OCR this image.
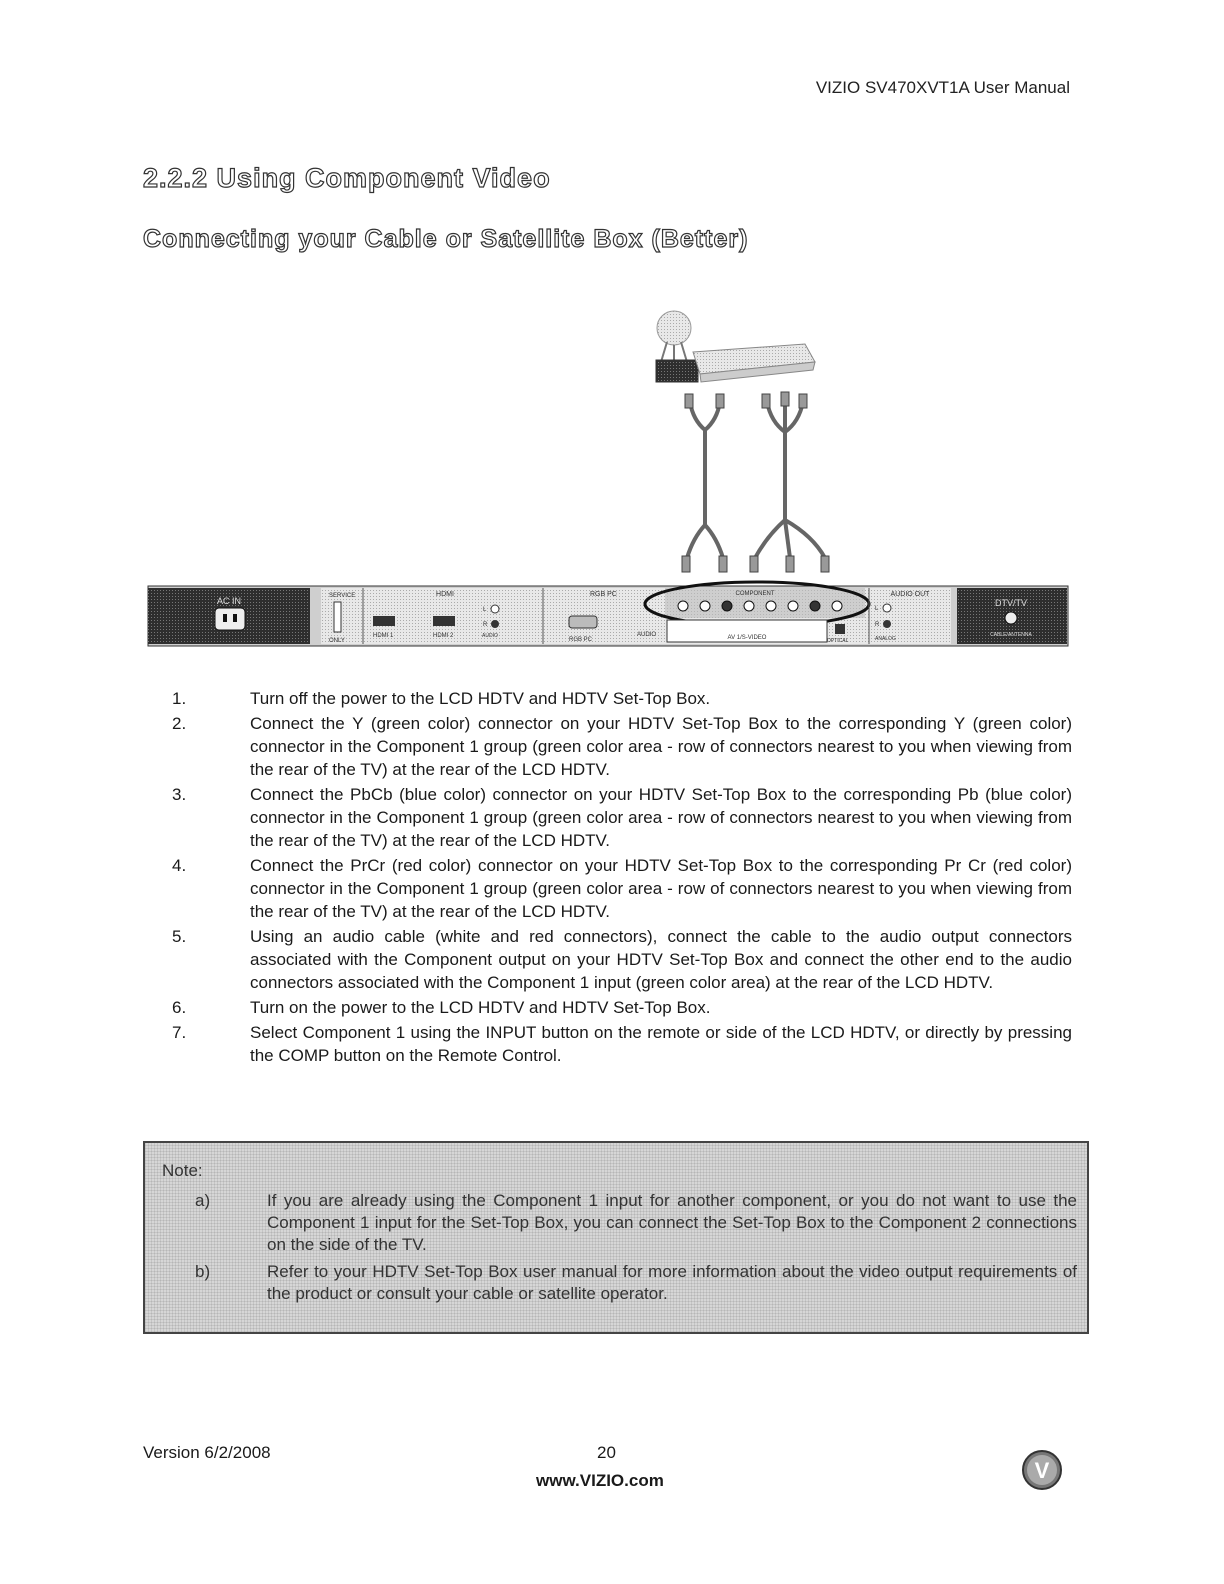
VIZIO SV470XVT1A User Manual
2.2.2 Using Component Video
Connecting your Cable or Satellite Box (Better)
AC IN	SERVICE
ONLY
HDMI
HDMI 1	HDMI 2
L
R
AUDIO
RGB PC
RGB PC
AUDIO
COMPONENT
AV 1/S-VIDEO
AUDIO OUT
OPTICAL
L
R
ANALOG
DTV/TV
CABLE/ANTENNA
1.	Turn off the power to the LCD HDTV and HDTV Set-Top Box.
2.	Connect the Y (green color) connector on your HDTV Set-Top Box to the corresponding Y (green color) connector in the Component 1 group (green color area - row of connectors nearest to you when viewing from the rear of the TV) at the rear of the LCD HDTV.
3.	Connect the PbCb (blue color) connector on your HDTV Set-Top Box to the corresponding Pb (blue color) connector in the Component 1 group (green color area - row of connectors nearest to you when viewing from the rear of the TV) at the rear of the LCD HDTV.
4.	Connect the PrCr (red color) connector on your HDTV Set-Top Box to the corresponding Pr Cr (red color) connector in the Component 1 group (green color area - row of connectors nearest to you when viewing from the rear of the TV) at the rear of the LCD HDTV.
5.	Using an audio cable (white and red connectors), connect the cable to the audio output connectors associated with the Component output on your HDTV Set-Top Box and connect the other end to the audio connectors associated with the Component 1 input (green color area) at the rear of the LCD HDTV.
6.	Turn on the power to the LCD HDTV and HDTV Set-Top Box.
7.	Select Component 1 using the INPUT button on the remote or side of the LCD HDTV, or directly by pressing the COMP button on the Remote Control.
Note:
a)	If you are already using the Component 1 input for another component, or you do not want to use the Component 1 input for the Set-Top Box, you can connect the Set-Top Box to the Component 2 connections on the side of the TV.
b)	Refer to your HDTV Set-Top Box user manual for more information about the video output requirements of the product or consult your cable or satellite operator.
Version 6/2/2008	20
www.VIZIO.com	V
